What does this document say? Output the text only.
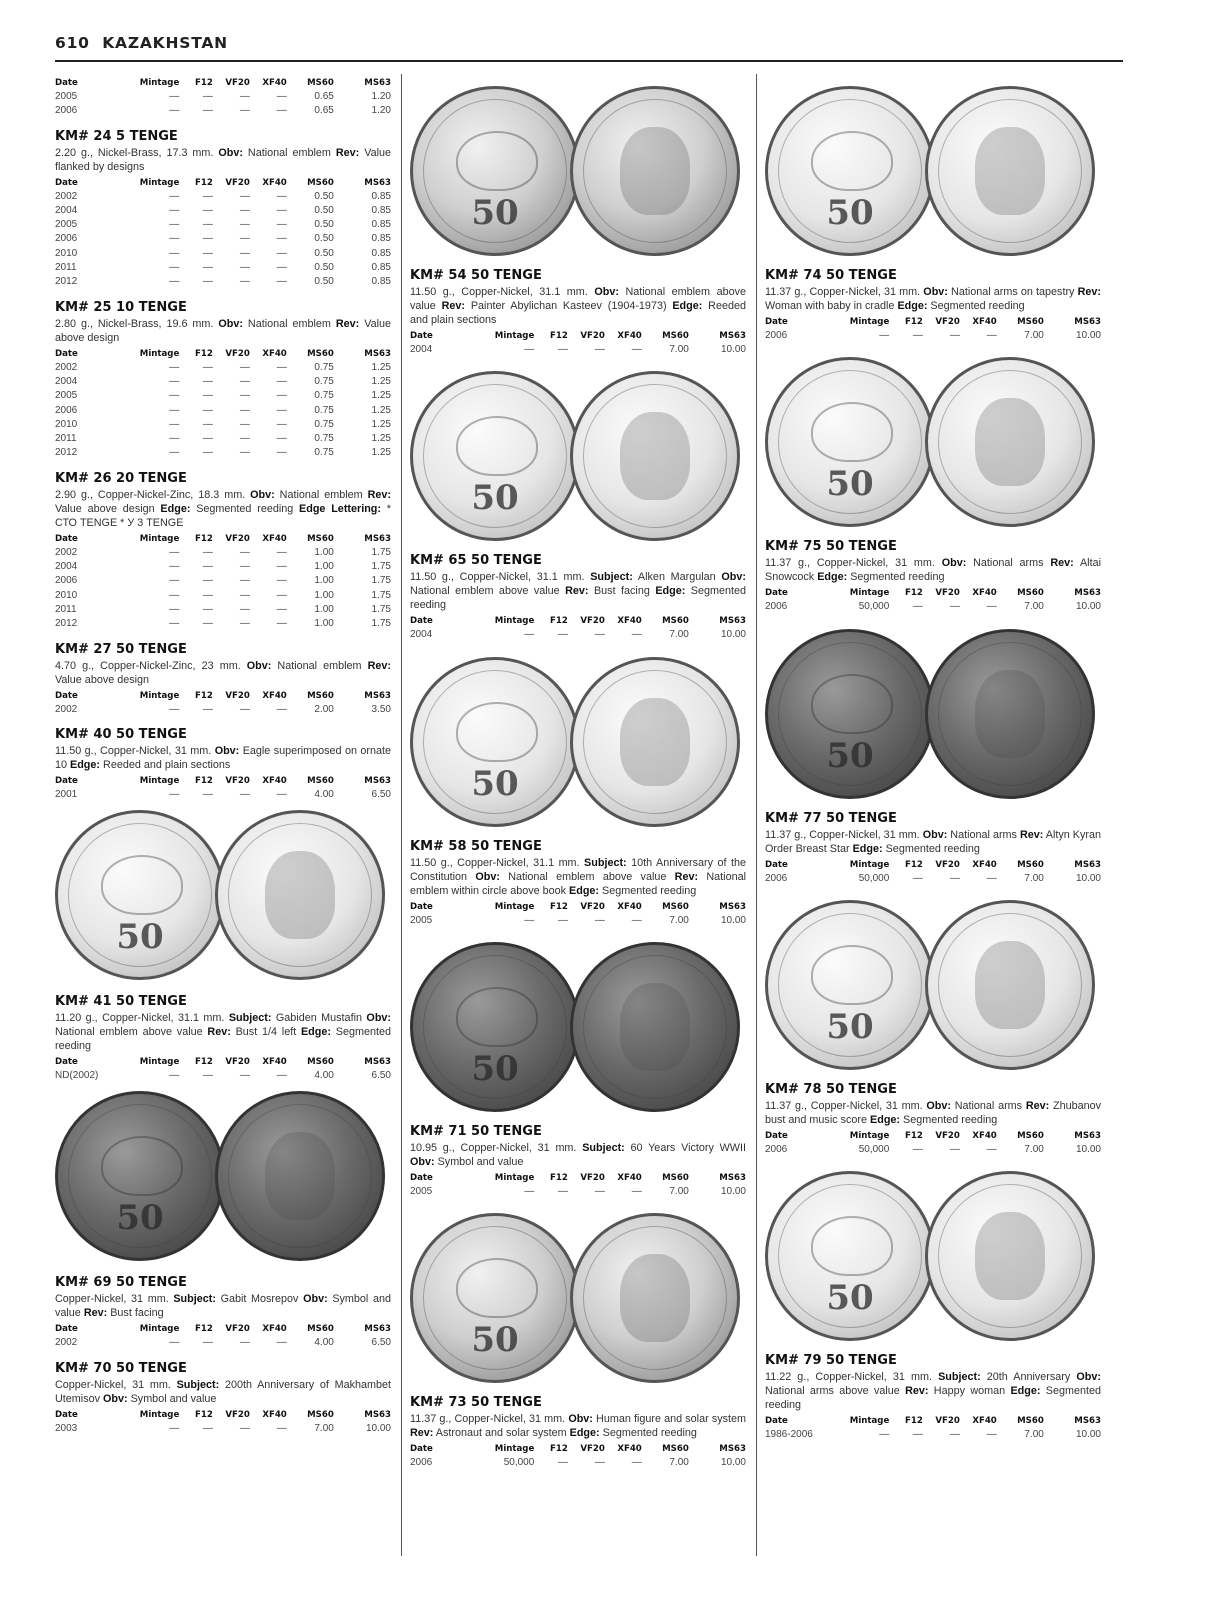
610 KAZAKHSTAN
Date	Mintage	F12	VF20	XF40	MS60	MS63
2005	—	—	—	—	0.65	1.20
2006	—	—	—	—	0.65	1.20
KM# 24 5 TENGE

2.20 g., Nickel-Brass, 17.3 mm. Obv: National emblem Rev: Value flanked by designs

Date	Mintage	F12	VF20	XF40	MS60	MS63
2002	—	—	—	—	0.50	0.85
2004	—	—	—	—	0.50	0.85
2005	—	—	—	—	0.50	0.85
2006	—	—	—	—	0.50	0.85
2010	—	—	—	—	0.50	0.85
2011	—	—	—	—	0.50	0.85
2012	—	—	—	—	0.50	0.85
KM# 25 10 TENGE

2.80 g., Nickel-Brass, 19.6 mm. Obv: National emblem Rev: Value above design

Date	Mintage	F12	VF20	XF40	MS60	MS63
2002	—	—	—	—	0.75	1.25
2004	—	—	—	—	0.75	1.25
2005	—	—	—	—	0.75	1.25
2006	—	—	—	—	0.75	1.25
2010	—	—	—	—	0.75	1.25
2011	—	—	—	—	0.75	1.25
2012	—	—	—	—	0.75	1.25
KM# 26 20 TENGE

2.90 g., Copper-Nickel-Zinc, 18.3 mm. Obv: National emblem Rev: Value above design Edge: Segmented reeding Edge Lettering: * СТО TENGE * У 3 TENGE

Date	Mintage	F12	VF20	XF40	MS60	MS63
2002	—	—	—	—	1.00	1.75
2004	—	—	—	—	1.00	1.75
2006	—	—	—	—	1.00	1.75
2010	—	—	—	—	1.00	1.75
2011	—	—	—	—	1.00	1.75
2012	—	—	—	—	1.00	1.75
KM# 27 50 TENGE

4.70 g., Copper-Nickel-Zinc, 23 mm. Obv: National emblem Rev: Value above design

Date	Mintage	F12	VF20	XF40	MS60	MS63
2002	—	—	—	—	2.00	3.50
KM# 40 50 TENGE

11.50 g., Copper-Nickel, 31 mm. Obv: Eagle superimposed on ornate 10 Edge: Reeded and plain sections

Date	Mintage	F12	VF20	XF40	MS60	MS63
2001	—	—	—	—	4.00	6.50
50
KM# 41 50 TENGE

11.20 g., Copper-Nickel, 31.1 mm. Subject: Gabiden Mustafin Obv: National emblem above value Rev: Bust 1/4 left Edge: Segmented reeding

Date	Mintage	F12	VF20	XF40	MS60	MS63
ND(2002)	—	—	—	—	4.00	6.50
50
KM# 69 50 TENGE

Copper-Nickel, 31 mm. Subject: Gabit Mosrepov Obv: Symbol and value Rev: Bust facing

Date	Mintage	F12	VF20	XF40	MS60	MS63
2002	—	—	—	—	4.00	6.50
KM# 70 50 TENGE

Copper-Nickel, 31 mm. Subject: 200th Anniversary of Makhambet Utemisov Obv: Symbol and value

Date	Mintage	F12	VF20	XF40	MS60	MS63
2003	—	—	—	—	7.00	10.00
50
KM# 54 50 TENGE

11.50 g., Copper-Nickel, 31.1 mm. Obv: National emblem above value Rev: Painter Abylichan Kasteev (1904-1973) Edge: Reeded and plain sections

Date	Mintage	F12	VF20	XF40	MS60	MS63
2004	—	—	—	—	7.00	10.00
50
KM# 65 50 TENGE

11.50 g., Copper-Nickel, 31.1 mm. Subject: Alken Margulan Obv: National emblem above value Rev: Bust facing Edge: Segmented reeding

Date	Mintage	F12	VF20	XF40	MS60	MS63
2004	—	—	—	—	7.00	10.00
50
KM# 58 50 TENGE

11.50 g., Copper-Nickel, 31.1 mm. Subject: 10th Anniversary of the Constitution Obv: National emblem above value Rev: National emblem within circle above book Edge: Segmented reeding

Date	Mintage	F12	VF20	XF40	MS60	MS63
2005	—	—	—	—	7.00	10.00
50
KM# 71 50 TENGE

10.95 g., Copper-Nickel, 31 mm. Subject: 60 Years Victory WWII Obv: Symbol and value

Date	Mintage	F12	VF20	XF40	MS60	MS63
2005	—	—	—	—	7.00	10.00
50
KM# 73 50 TENGE

11.37 g., Copper-Nickel, 31 mm. Obv: Human figure and solar system Rev: Astronaut and solar system Edge: Segmented reeding

Date	Mintage	F12	VF20	XF40	MS60	MS63
2006	50,000	—	—	—	7.00	10.00
50
KM# 74 50 TENGE

11.37 g., Copper-Nickel, 31 mm. Obv: National arms on tapestry Rev: Woman with baby in cradle Edge: Segmented reeding

Date	Mintage	F12	VF20	XF40	MS60	MS63
2006	—	—	—	—	7.00	10.00
50
KM# 75 50 TENGE

11.37 g., Copper-Nickel, 31 mm. Obv: National arms Rev: Altai Snowcock Edge: Segmented reeding

Date	Mintage	F12	VF20	XF40	MS60	MS63
2006	50,000	—	—	—	7.00	10.00
50
KM# 77 50 TENGE

11.37 g., Copper-Nickel, 31 mm. Obv: National arms Rev: Altyn Kyran Order Breast Star Edge: Segmented reeding

Date	Mintage	F12	VF20	XF40	MS60	MS63
2006	50,000	—	—	—	7.00	10.00
50
KM# 78 50 TENGE

11.37 g., Copper-Nickel, 31 mm. Obv: National arms Rev: Zhubanov bust and music score Edge: Segmented reeding

Date	Mintage	F12	VF20	XF40	MS60	MS63
2006	50,000	—	—	—	7.00	10.00
50
KM# 79 50 TENGE

11.22 g., Copper-Nickel, 31 mm. Subject: 20th Anniversary Obv: National arms above value Rev: Happy woman Edge: Segmented reeding

Date	Mintage	F12	VF20	XF40	MS60	MS63
1986-2006	—	—	—	—	7.00	10.00
